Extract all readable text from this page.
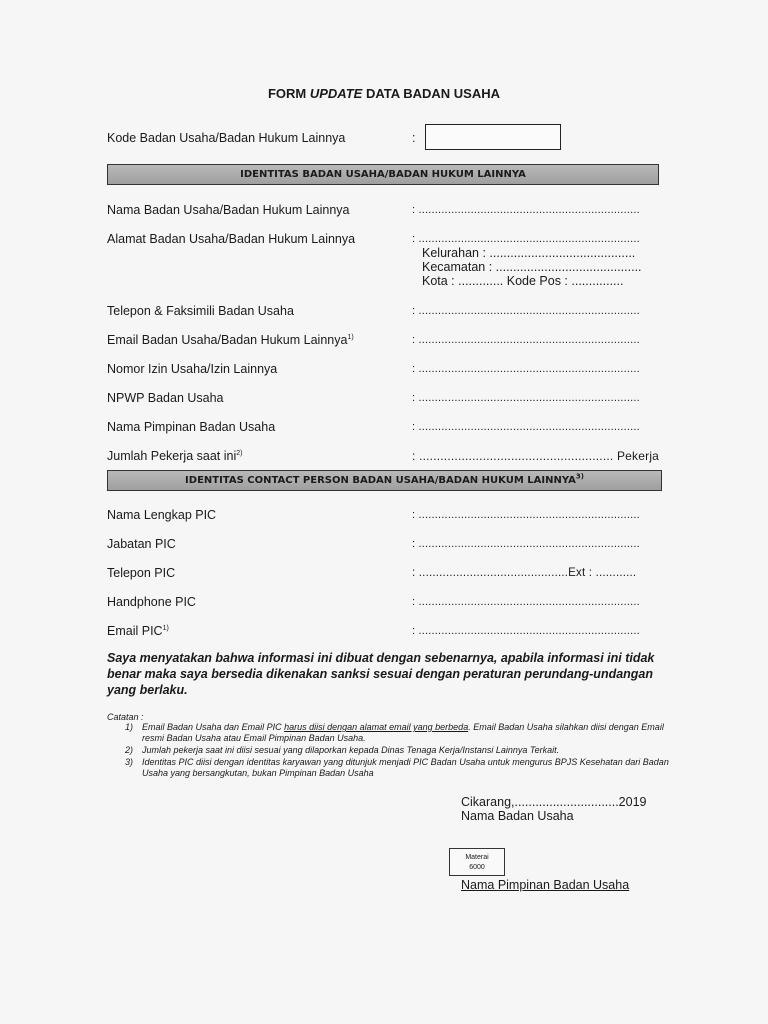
FORM UPDATE DATA BADAN USAHA
Kode Badan Usaha/Badan Hukum Lainnya	:
IDENTITAS BADAN USAHA/BADAN HUKUM LAINNYA
Nama Badan Usaha/Badan Hukum Lainnya	: ....................................................................
Alamat Badan Usaha/Badan Hukum Lainnya	: ....................................................................
Kelurahan : ..........................................
Kecamatan : ..........................................
Kota : ............. Kode Pos : ...............
Telepon & Faksimili Badan Usaha	: ....................................................................
Email Badan Usaha/Badan Hukum Lainnya$^{1)}$	: ....................................................................
Nomor Izin Usaha/Izin Lainnya	: ....................................................................
NPWP Badan Usaha	: ....................................................................
Nama Pimpinan Badan Usaha	: ....................................................................
Jumlah Pekerja saat ini$^{2)}$	: ....................................................... Pekerja
IDENTITAS CONTACT PERSON BADAN USAHA/BADAN HUKUM LAINNYA$^{3)}$
Nama Lengkap PIC	: ....................................................................
Jabatan PIC	: ....................................................................
Telepon PIC	: ............................................Ext : ............
Handphone PIC	: ....................................................................
Email PIC$^{1)}$	: ....................................................................
Saya menyatakan bahwa informasi ini dibuat dengan sebenarnya, apabila informasi ini tidak benar maka saya bersedia dikenakan sanksi sesuai dengan peraturan perundang-undangan yang berlaku.
Catatan :
1) Email Badan Usaha dan Email PIC harus diisi dengan alamat email yang berbeda. Email Badan Usaha silahkan diisi dengan Email resmi Badan Usaha atau Email Pimpinan Badan Usaha.
2) Jumlah pekerja saat ini diisi sesuai yang dilaporkan kepada Dinas Tenaga Kerja/Instansi Lainnya Terkait.
3) Identitas PIC diisi dengan identitas karyawan yang ditunjuk menjadi PIC Badan Usaha untuk mengurus BPJS Kesehatan dari Badan Usaha yang bersangkutan, bukan Pimpinan Badan Usaha
Cikarang,..............................2019
Nama Badan Usaha
Materai
6000
Nama Pimpinan Badan Usaha
